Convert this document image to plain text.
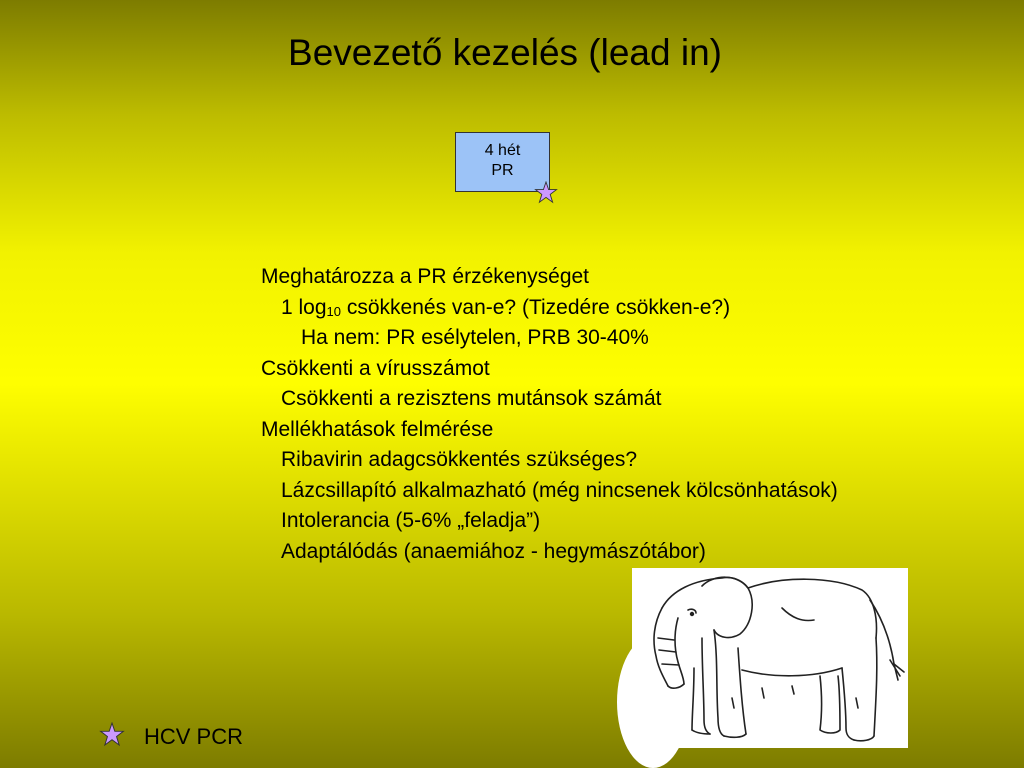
Bevezető kezelés (lead in)
4 hét
PR
Meghatározza a PR érzékenységet
1 $\log_{10}$ csökkenés van-e? (Tizedére csökken-e?)
Ha nem: PR esélytelen, PRB 30-40%
Csökkenti a vírusszámot
Csökkenti a rezisztens mutánsok számát
Mellékhatások felmérése
Ribavirin adagcsökkentés szükséges?
Lázcsillapító alkalmazható (még nincsenek kölcsönhatások)
Intolerancia (5-6% „feladja”)
Adaptálódás (anaemiához - hegymászótábor)
HCV PCR
